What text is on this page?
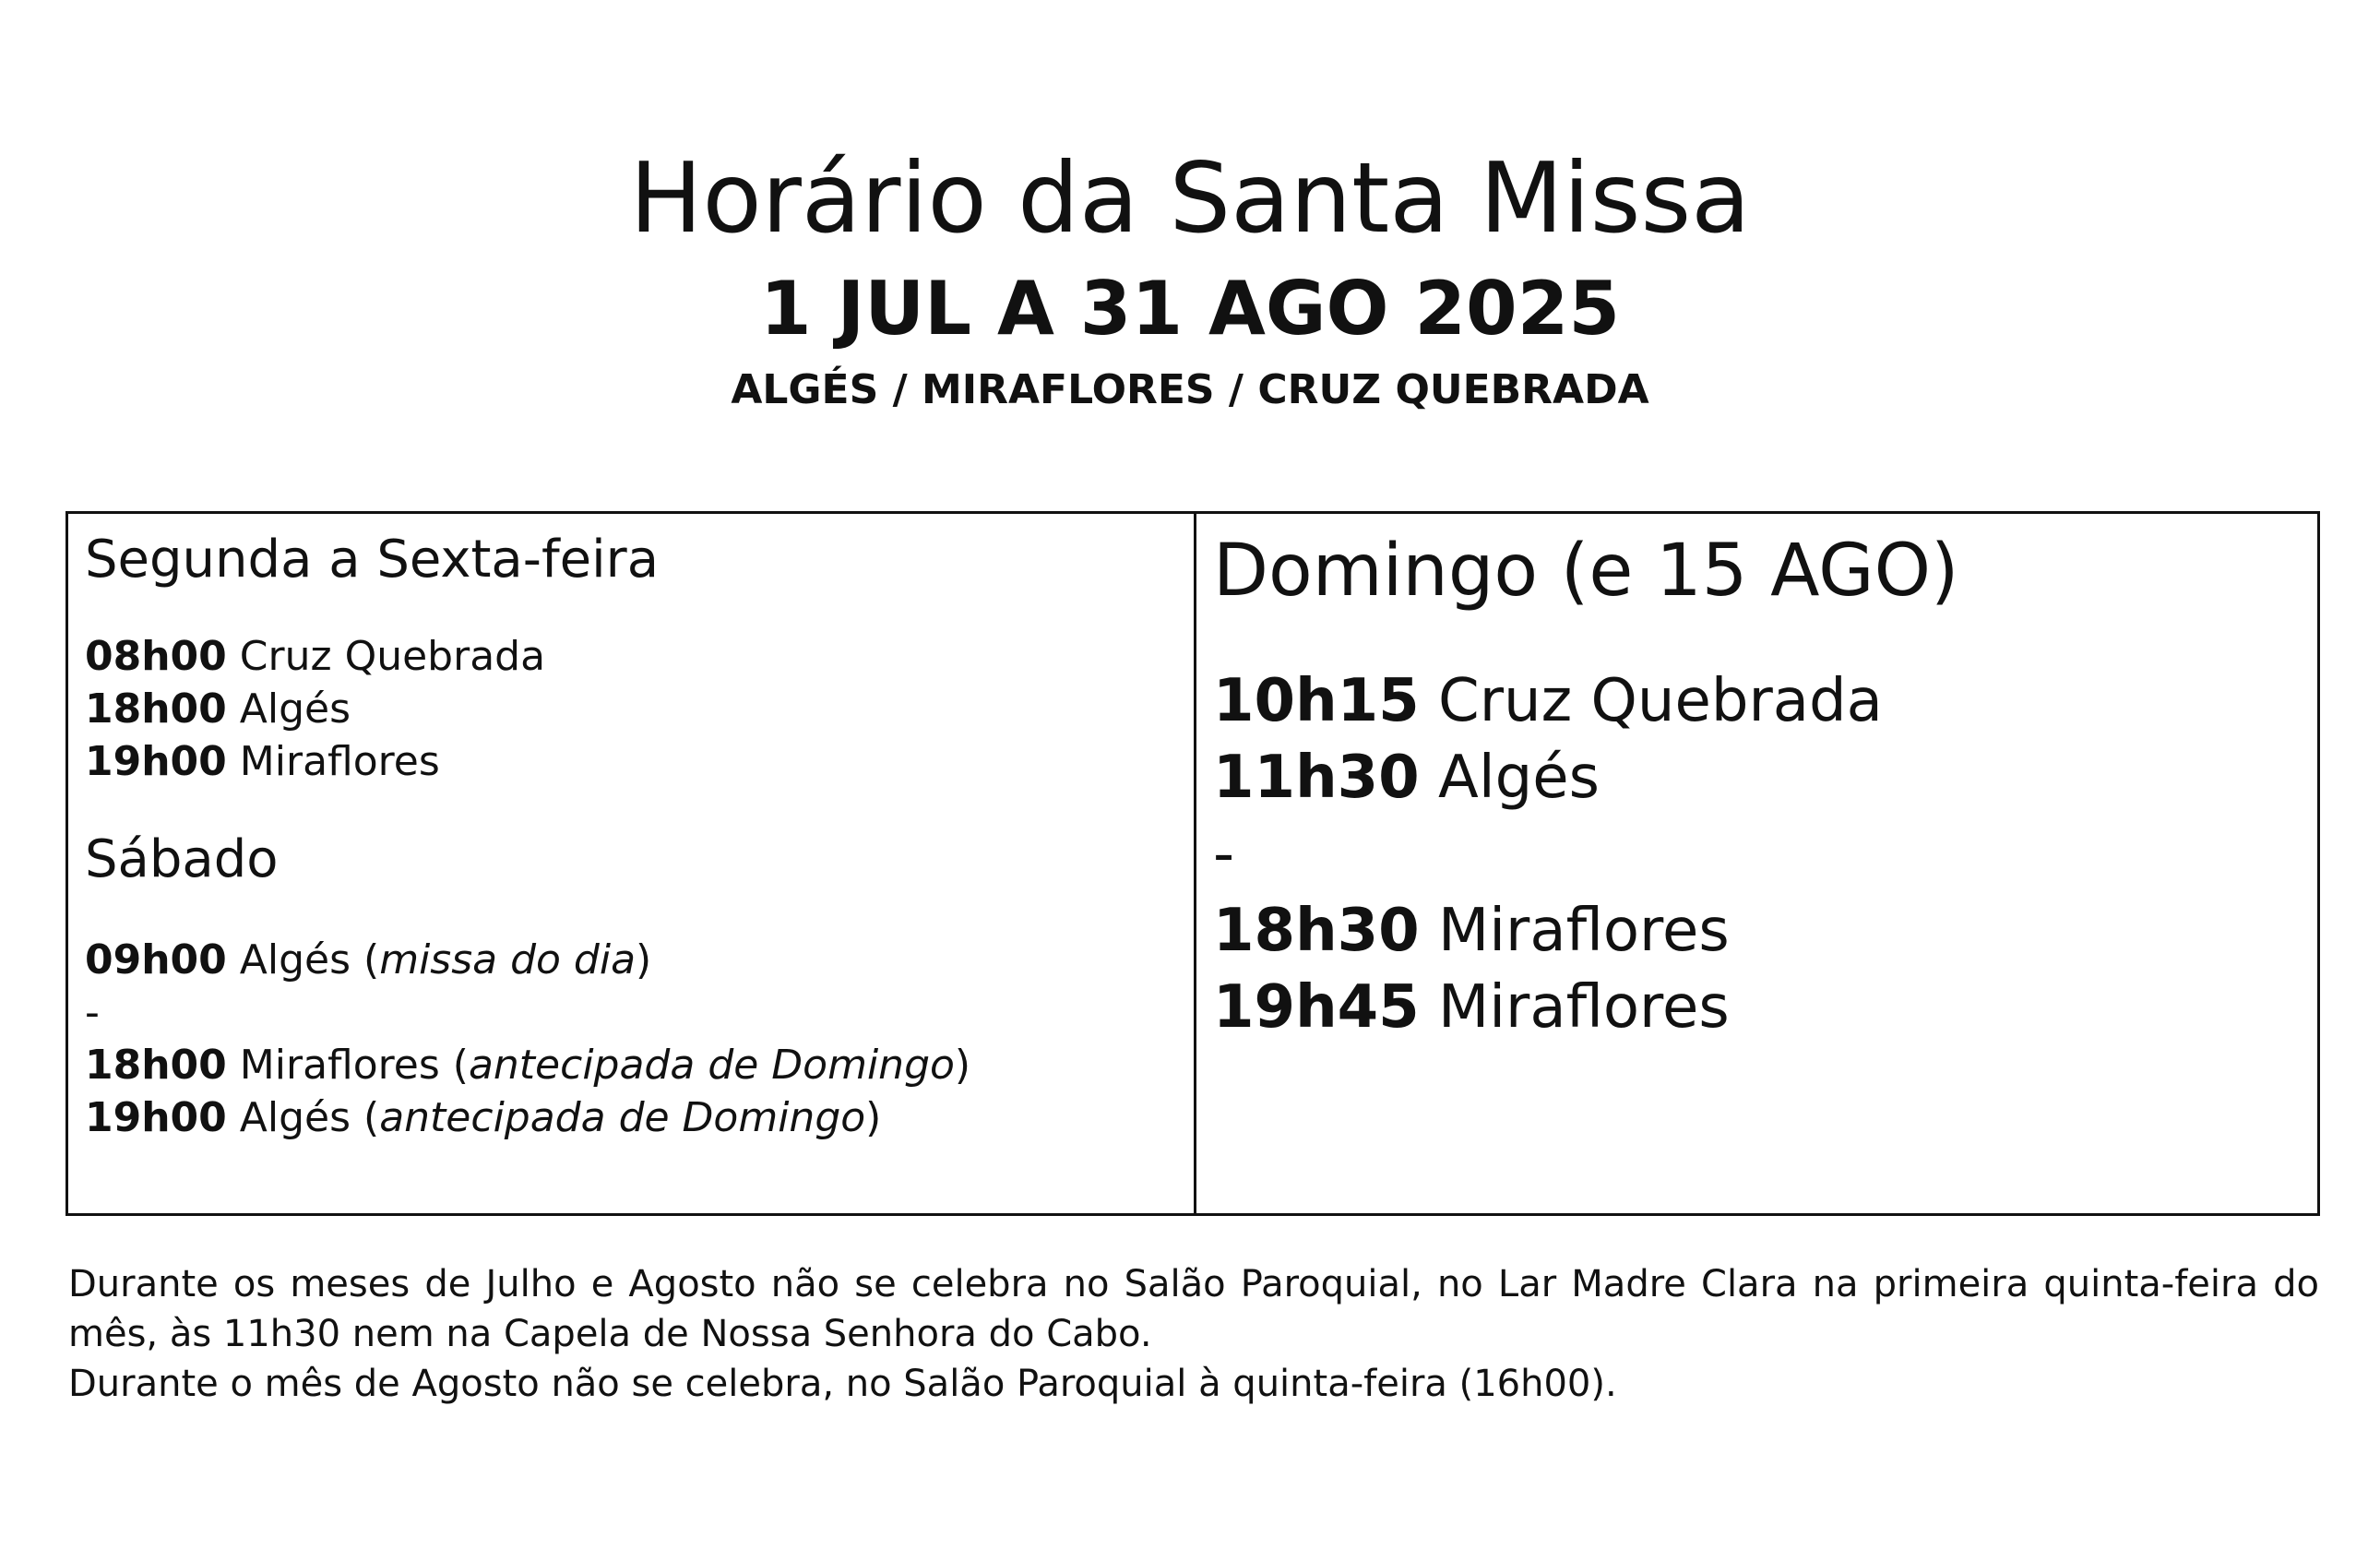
Horário da Santa Missa
1 JUL A 31 AGO 2025
ALGÉS / MIRAFLORES / CRUZ QUEBRADA
Segunda a Sexta-feira
08h00 Cruz Quebrada
18h00 Algés
19h00 Miraflores
Sábado
09h00 Algés (missa do dia)
-
18h00 Miraflores (antecipada de Domingo)
19h00 Algés (antecipada de Domingo)
Domingo (e 15 AGO)
10h15 Cruz Quebrada
11h30 Algés
-
18h30 Miraflores
19h45 Miraflores

Durante os meses de Julho e Agosto não se celebra no Salão Paroquial, no Lar Madre Clara na primeira quinta-feira do mês, às 11h30 nem na Capela de Nossa Senhora do Cabo.

Durante o mês de Agosto não se celebra, no Salão Paroquial à quinta-feira (16h00).
